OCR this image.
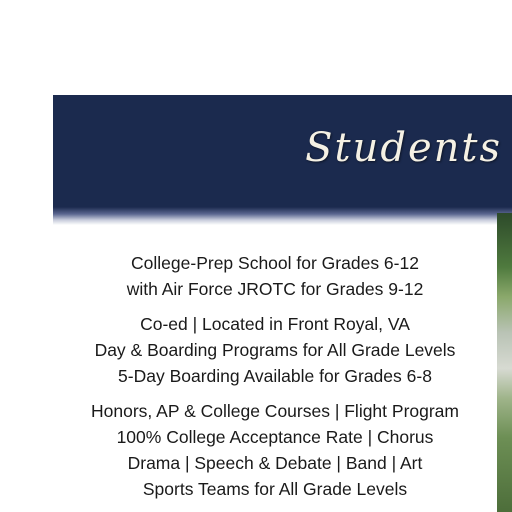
Students
College-Prep School for Grades 6-12
with Air Force JROTC for Grades 9-12
Co-ed | Located in Front Royal, VA
Day & Boarding Programs for All Grade Levels
5-Day Boarding Available for Grades 6-8
Honors, AP & College Courses | Flight Program
100% College Acceptance Rate | Chorus
Drama | Speech & Debate | Band | Art
Sports Teams for All Grade Levels
